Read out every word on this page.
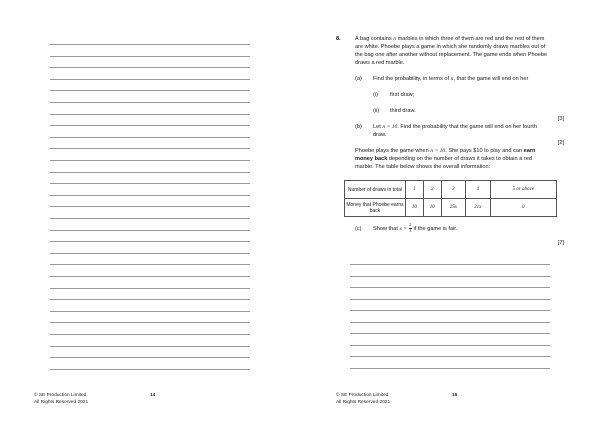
© SE Production Limited
All Rights Reserved 2021
14
8.	A bag contains n marbles in which three of them are red and the rest of them
are white. Phoebe plays a game in which she randomly draws marbles out of
the bag one after another without replacement. The game ends when Phoebe
draws a red marble.
(a) Find the probability, in terms of n, that the game will end on her
(i) first draw;
(ii) third draw.
[3]
(b) Let n = 10. Find the probability that the game will end on her fourth
draw.
[2]
Phoebe plays the game when n = 10. She pays $10 to play and can earn
money back depending on the number of draws it takes to obtain a red
marble. The table below shows the overall information:
Number of draws in total	1	2	3	4	5 or above
Money that Phoebe earns back	10	10	25x	21x	0
(c) Show that $x = \frac{2}{3}$ if the game is fair.
[7]
© SE Production Limited
All Rights Reserved 2021
15
